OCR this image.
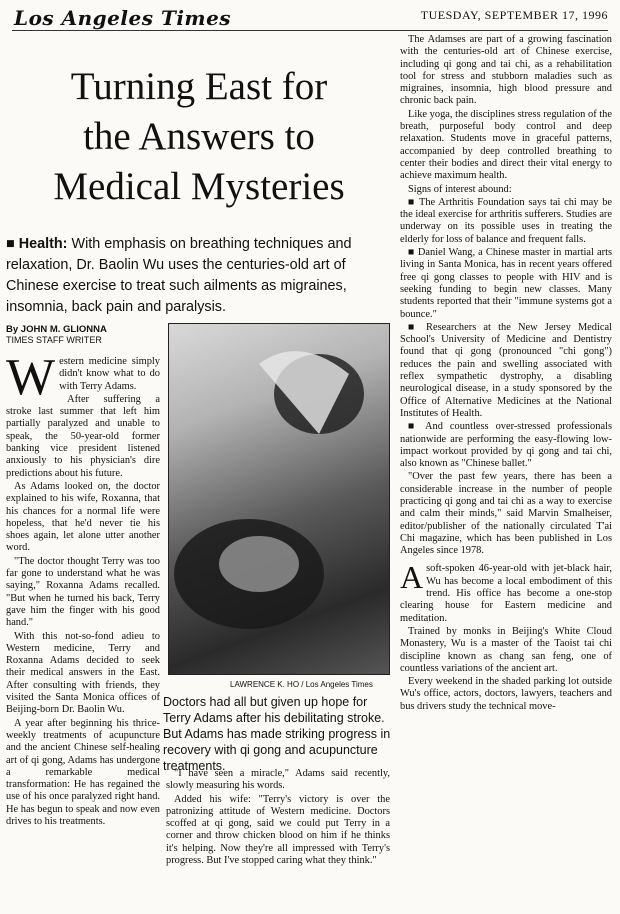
Los Angeles Times	TUESDAY, SEPTEMBER 17, 1996
Turning East for
the Answers to
Medical Mysteries
■ Health: With emphasis on breathing techniques and relaxation, Dr. Baolin Wu uses the centuries-old art of Chinese exercise to treat such ailments as migraines, insomnia, back pain and paralysis.
By JOHN M. GLIONNA
TIMES STAFF WRITER

Western medicine simply didn't know what to do with Terry Adams.

After suffering a stroke last summer that left him partially paralyzed and unable to speak, the 50-year-old former banking vice president listened anxiously to his physician's dire predictions about his future.

As Adams looked on, the doctor explained to his wife, Roxanna, that his chances for a normal life were hopeless, that he'd never tie his shoes again, let alone utter another word.

"The doctor thought Terry was too far gone to understand what he was saying," Roxanna Adams recalled. "But when he turned his back, Terry gave him the finger with his good hand."

With this not-so-fond adieu to Western medicine, Terry and Roxanna Adams decided to seek their medical answers in the East. After consulting with friends, they visited the Santa Monica offices of Beijing-born Dr. Baolin Wu.

A year after beginning his thrice-weekly treatments of acupuncture and the ancient Chinese self-healing art of qi gong, Adams has undergone a remarkable medical transformation: He has regained the use of his once paralyzed right hand. He has begun to speak and now even drives to his treatments.

LAWRENCE K. HO / Los Angeles Times
Doctors had all but given up hope for Terry Adams after his debilitating stroke. But Adams has made striking progress in recovery with qi gong and acupuncture treatments.

"I have seen a miracle," Adams said recently, slowly measuring his words.

Added his wife: "Terry's victory is over the patronizing attitude of Western medicine. Doctors scoffed at qi gong, said we could put Terry in a corner and throw chicken blood on him if he thinks it's helping. Now they're all impressed with Terry's progress. But I've stopped caring what they think."

The Adamses are part of a growing fascination with the centuries-old art of Chinese exercise, including qi gong and tai chi, as a rehabilitation tool for stress and stubborn maladies such as migraines, insomnia, high blood pressure and chronic back pain.

Like yoga, the disciplines stress regulation of the breath, purposeful body control and deep relaxation. Students move in graceful patterns, accompanied by deep controlled breathing to center their bodies and direct their vital energy to achieve maximum health.

Signs of interest abound:

■ The Arthritis Foundation says tai chi may be the ideal exercise for arthritis sufferers. Studies are underway on its possible uses in treating the elderly for loss of balance and frequent falls.

■ Daniel Wang, a Chinese master in martial arts living in Santa Monica, has in recent years offered free qi gong classes to people with HIV and is seeking funding to begin new classes. Many students reported that their "immune systems got a bounce."

■ Researchers at the New Jersey Medical School's University of Medicine and Dentistry found that qi gong (pronounced "chi gong") reduces the pain and swelling associated with reflex sympathetic dystrophy, a disabling neurological disease, in a study sponsored by the Office of Alternative Medicines at the National Institutes of Health.

■ And countless over-stressed professionals nationwide are performing the easy-flowing low-impact workout provided by qi gong and tai chi, also known as "Chinese ballet."

"Over the past few years, there has been a considerable increase in the number of people practicing qi gong and tai chi as a way to exercise and calm their minds," said Marvin Smalheiser, editor/publisher of the nationally circulated T'ai Chi magazine, which has been published in Los Angeles since 1978.

Asoft-spoken 46-year-old with jet-black hair, Wu has become a local embodiment of this trend. His office has become a one-stop clearing house for Eastern medicine and meditation.

Trained by monks in Beijing's White Cloud Monastery, Wu is a master of the Taoist tai chi discipline known as chang san feng, one of countless variations of the ancient art.

Every weekend in the shaded parking lot outside Wu's office, actors, doctors, lawyers, teachers and bus drivers study the technical move-
